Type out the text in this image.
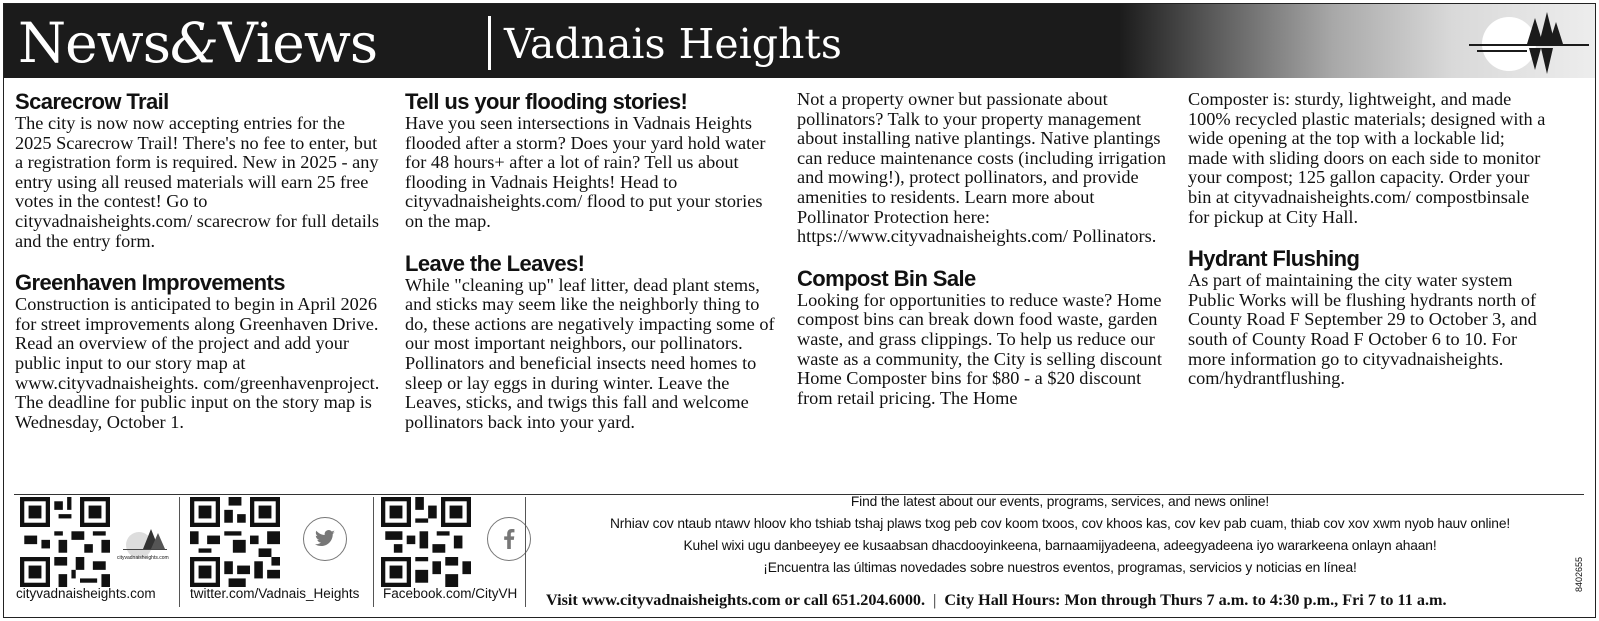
News&Views	Vadnais Heights
Scarecrow Trail

The city is now now accepting entries for the 2025 Scarecrow Trail! There's no fee to enter, but a registration form is required. New in 2025 - any entry using all reused materials will earn 25 free votes in the contest! Go to cityvadnaisheights.com/ scarecrow for full details and the entry form.

Greenhaven Improvements

Construction is anticipated to begin in April 2026 for street improvements along Greenhaven Drive. Read an overview of the project and add your public input to our story map at www.cityvadnaisheights. com/greenhavenproject. The deadline for public input on the story map is Wednesday, October 1.

Tell us your flooding stories!

Have you seen intersections in Vadnais Heights flooded after a storm? Does your yard hold water for 48 hours+ after a lot of rain? Tell us about flooding in Vadnais Heights! Head to cityvadnaisheights.com/ flood to put your stories on the map.

Leave the Leaves!

While "cleaning up" leaf litter, dead plant stems, and sticks may seem like the neighborly thing to do, these actions are negatively impacting some of our most important neighbors, our pollinators. Pollinators and beneficial insects need homes to sleep or lay eggs in during winter. Leave the Leaves, sticks, and twigs this fall and welcome pollinators back into your yard.

Not a property owner but passionate about pollinators? Talk to your property management about installing native plantings. Native plantings can reduce maintenance costs (including irrigation and mowing!), protect pollinators, and provide amenities to residents. Learn more about Pollinator Protection here: https://www.cityvadnaisheights.com/ Pollinators.

Compost Bin Sale

Looking for opportunities to reduce waste? Home compost bins can break down food waste, garden waste, and grass clippings. To help us reduce our waste as a community, the City is selling discount Home Composter bins for $80 - a $20 discount from retail pricing. The Home

Composter is: sturdy, lightweight, and made 100% recycled plastic materials; designed with a wide opening at the top with a lockable lid; made with sliding doors on each side to monitor your compost; 125 gallon capacity. Order your bin at cityvadnaisheights.com/ compostbinsale for pickup at City Hall.

Hydrant Flushing

As part of maintaining the city water system Public Works will be flushing hydrants north of County Road F September 29 to October 3, and south of County Road F October 6 to 10. For more information go to cityvadnaisheights. com/hydrantflushing.

cityvadnaisheights.com
cityvadnaisheights.com	twitter.com/Vadnais_Heights Facebook.com/CityVH
Find the latest about our events, programs, services, and news online!
Nrhiav cov ntaub ntawv hloov kho tshiab tshaj plaws txog peb cov koom txoos, cov khoos kas, cov kev pab cuam, thiab cov xov xwm nyob hauv online!
Kuhel wixi ugu danbeeyey ee kusaabsan dhacdooyinkeena, barnaamijyadeena, adeegyadeena iyo wararkeena onlayn ahaan!
¡Encuentra las últimas novedades sobre nuestros eventos, programas, servicios y noticias en línea!
Visit www.cityvadnaisheights.com or call 651.204.6000. | City Hall Hours: Mon through Thurs 7 a.m. to 4:30 p.m., Fri 7 to 11 a.m.
8402655
